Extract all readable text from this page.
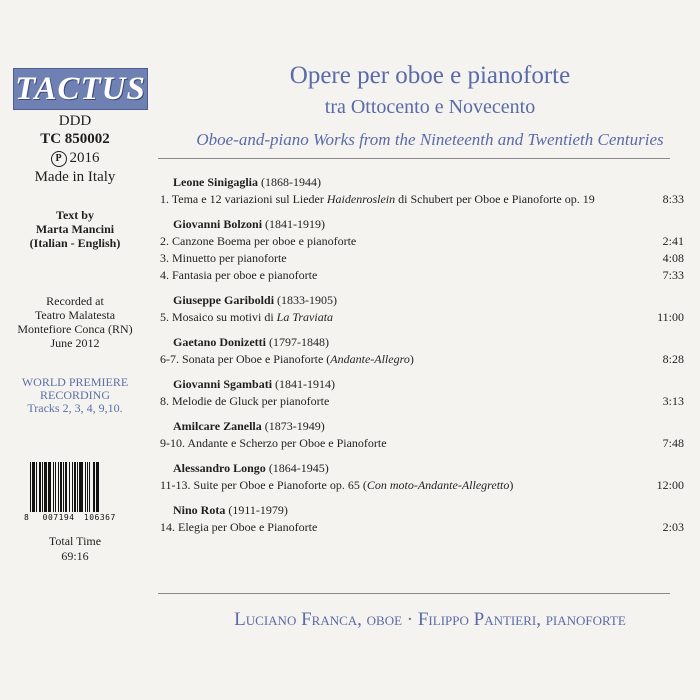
TACTUS
DDD
TC 850002
P 2016
Made in Italy
Text by
Marta Mancini
(Italian - English)
Recorded at
Teatro Malatesta
Montefiore Conca (RN)
June 2012
WORLD PREMIERE
RECORDING
Tracks 2, 3, 4, 9,10.
8 007194 106367
Total Time
69:16
Opere per oboe e pianoforte
tra Ottocento e Novecento
Oboe-and-piano Works from the Nineteenth and Twentieth Centuries
Leone Sinigaglia (1868-1944)
1. Tema e 12 variazioni sul Lieder Haidenroslein di Schubert per Oboe e Pianoforte op. 19	8:33
Giovanni Bolzoni (1841-1919)
2. Canzone Boema per oboe e pianoforte	2:41
3. Minuetto per pianoforte	4:08
4. Fantasia per oboe e pianoforte	7:33
Giuseppe Gariboldi (1833-1905)
5. Mosaico su motivi di La Traviata	11:00
Gaetano Donizetti (1797-1848)
6-7. Sonata per Oboe e Pianoforte (Andante-Allegro)	8:28
Giovanni Sgambati (1841-1914)
8. Melodie de Gluck per pianoforte	3:13
Amilcare Zanella (1873-1949)
9-10. Andante e Scherzo per Oboe e Pianoforte	7:48
Alessandro Longo (1864-1945)
11-13. Suite per Oboe e Pianoforte op. 65 (Con moto-Andante-Allegretto)	12:00
Nino Rota (1911-1979)
14. Elegia per Oboe e Pianoforte	2:03
Luciano Franca, oboe · Filippo Pantieri, pianoforte
